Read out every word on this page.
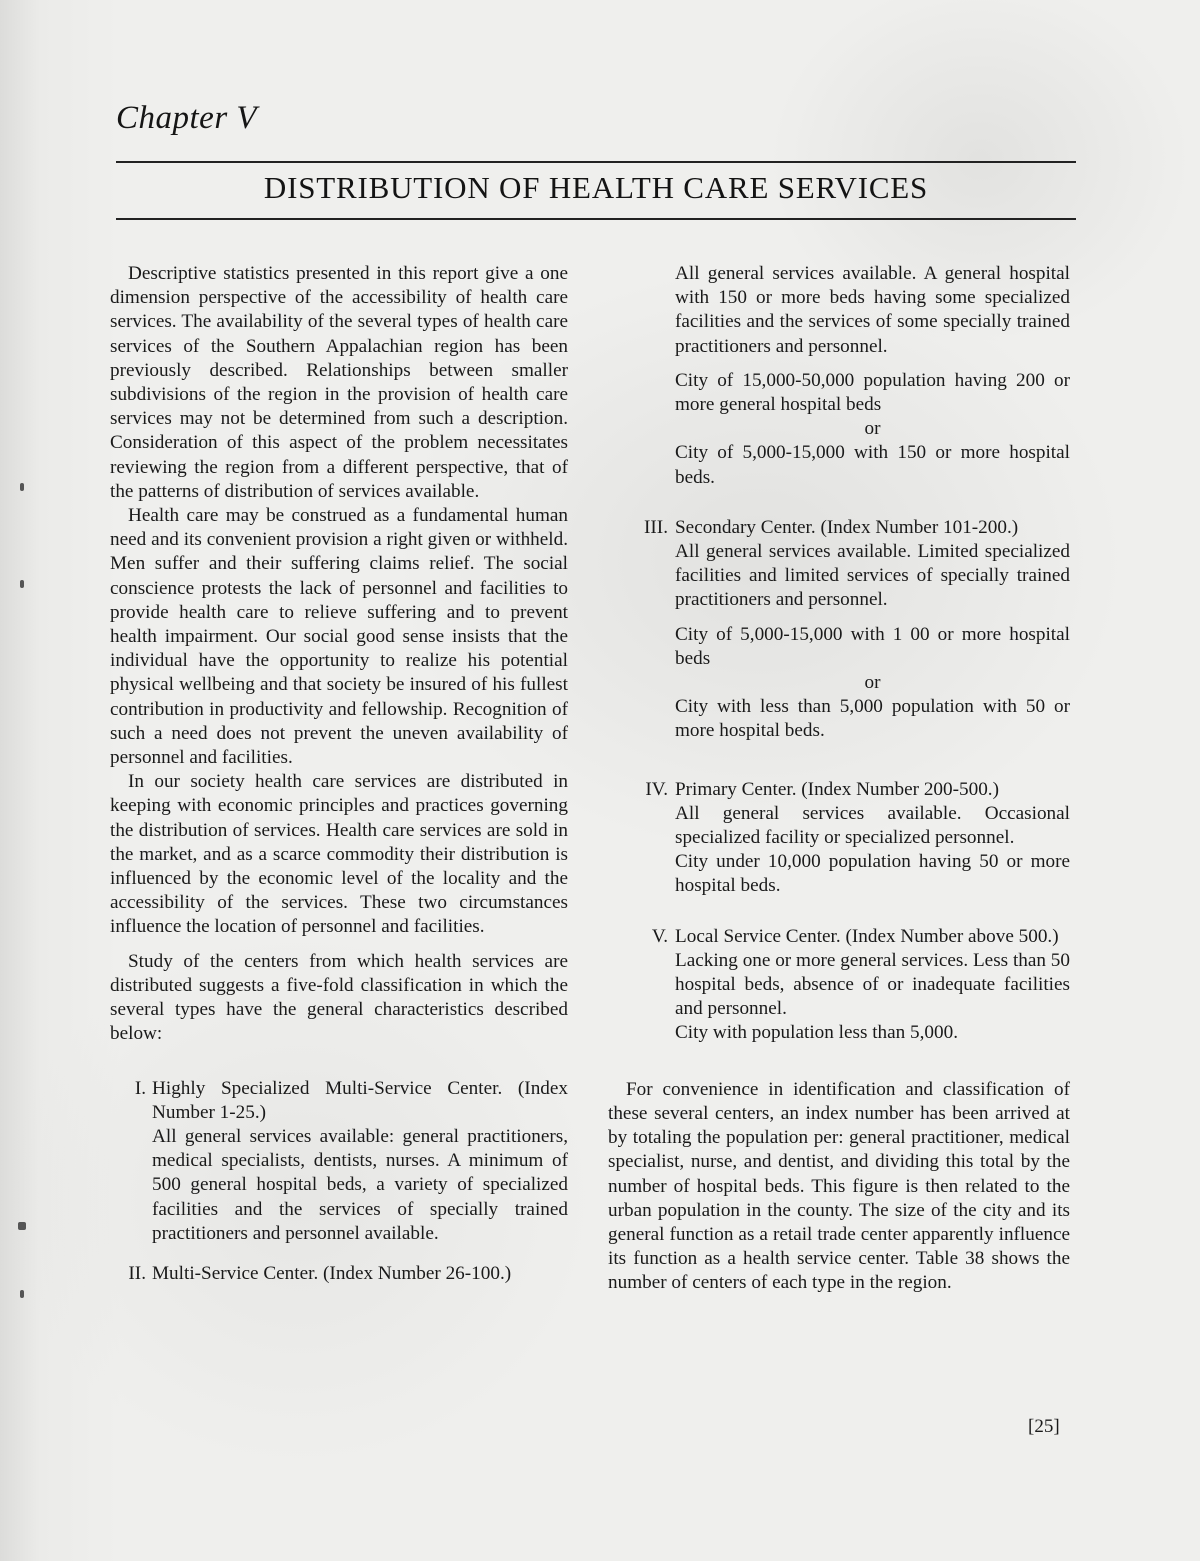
Chapter V
DISTRIBUTION OF HEALTH CARE SERVICES

Descriptive statistics presented in this report give a one dimension perspective of the accessibility of health care services. The availability of the several types of health care services of the Southern Appalachian region has been previously described. Relationships between smaller subdivisions of the region in the provision of health care services may not be determined from such a description. Consideration of this aspect of the problem necessitates reviewing the region from a different perspective, that of the patterns of distribution of services available.

Health care may be construed as a fundamental human need and its convenient provision a right given or withheld. Men suffer and their suffering claims relief. The social conscience protests the lack of personnel and facilities to provide health care to relieve suffering and to prevent health impairment. Our social good sense insists that the individual have the opportunity to realize his potential physical wellbeing and that society be insured of his fullest contribution in productivity and fellowship. Recognition of such a need does not prevent the uneven availability of personnel and facilities.

In our society health care services are distributed in keeping with economic principles and practices governing the distribution of services. Health care services are sold in the market, and as a scarce commodity their distribution is influenced by the economic level of the locality and the accessibility of the services. These two circumstances influence the location of personnel and facilities.

Study of the centers from which health services are distributed suggests a five-fold classification in which the several types have the general characteristics described below:

I. Highly Specialized Multi-Service Center. (Index Number 1-25.)
All general services available: general practitioners, medical specialists, dentists, nurses. A minimum of 500 general hospital beds, a variety of specialized facilities and the services of specially trained practitioners and personnel available.
II. Multi-Service Center. (Index Number 26-100.)
All general services available. A general hospital with 150 or more beds having some specialized facilities and the services of some specially trained practitioners and personnel.
City of 15,000-50,000 population having 200 or more general hospital beds
or
City of 5,000-15,000 with 150 or more hospital beds.
III. Secondary Center. (Index Number 101-200.)
All general services available. Limited specialized facilities and limited services of specially trained practitioners and personnel.
City of 5,000-15,000 with 1 00 or more hospital beds
or
City with less than 5,000 population with 50 or more hospital beds.
IV. Primary Center. (Index Number 200-500.)
All general services available. Occasional specialized facility or specialized personnel.
City under 10,000 population having 50 or more hospital beds.
V. Local Service Center. (Index Number above 500.)
Lacking one or more general services. Less than 50 hospital beds, absence of or inadequate facilities and personnel.
City with population less than 5,000.

For convenience in identification and classification of these several centers, an index number has been arrived at by totaling the population per: general practitioner, medical specialist, nurse, and dentist, and dividing this total by the number of hospital beds. This figure is then related to the urban population in the county. The size of the city and its general function as a retail trade center apparently influence its function as a health service center. Table 38 shows the number of centers of each type in the region.

[25]
